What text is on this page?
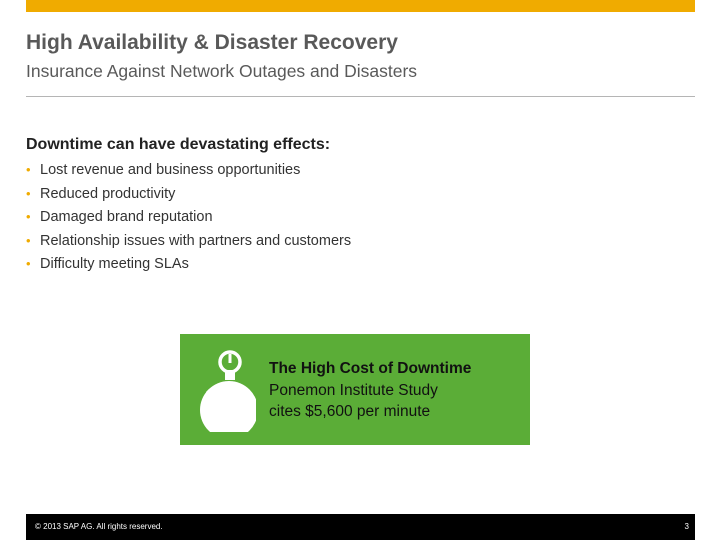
High Availability & Disaster Recovery
Insurance Against Network Outages and Disasters
Downtime can have devastating effects:
• Lost revenue and business opportunities
• Reduced productivity
• Damaged brand reputation
• Relationship issues with partners and customers
• Difficulty meeting SLAs
The High Cost of Downtime
Ponemon Institute Study
cites $5,600 per minute
© 2013 SAP AG. All rights reserved.	3
